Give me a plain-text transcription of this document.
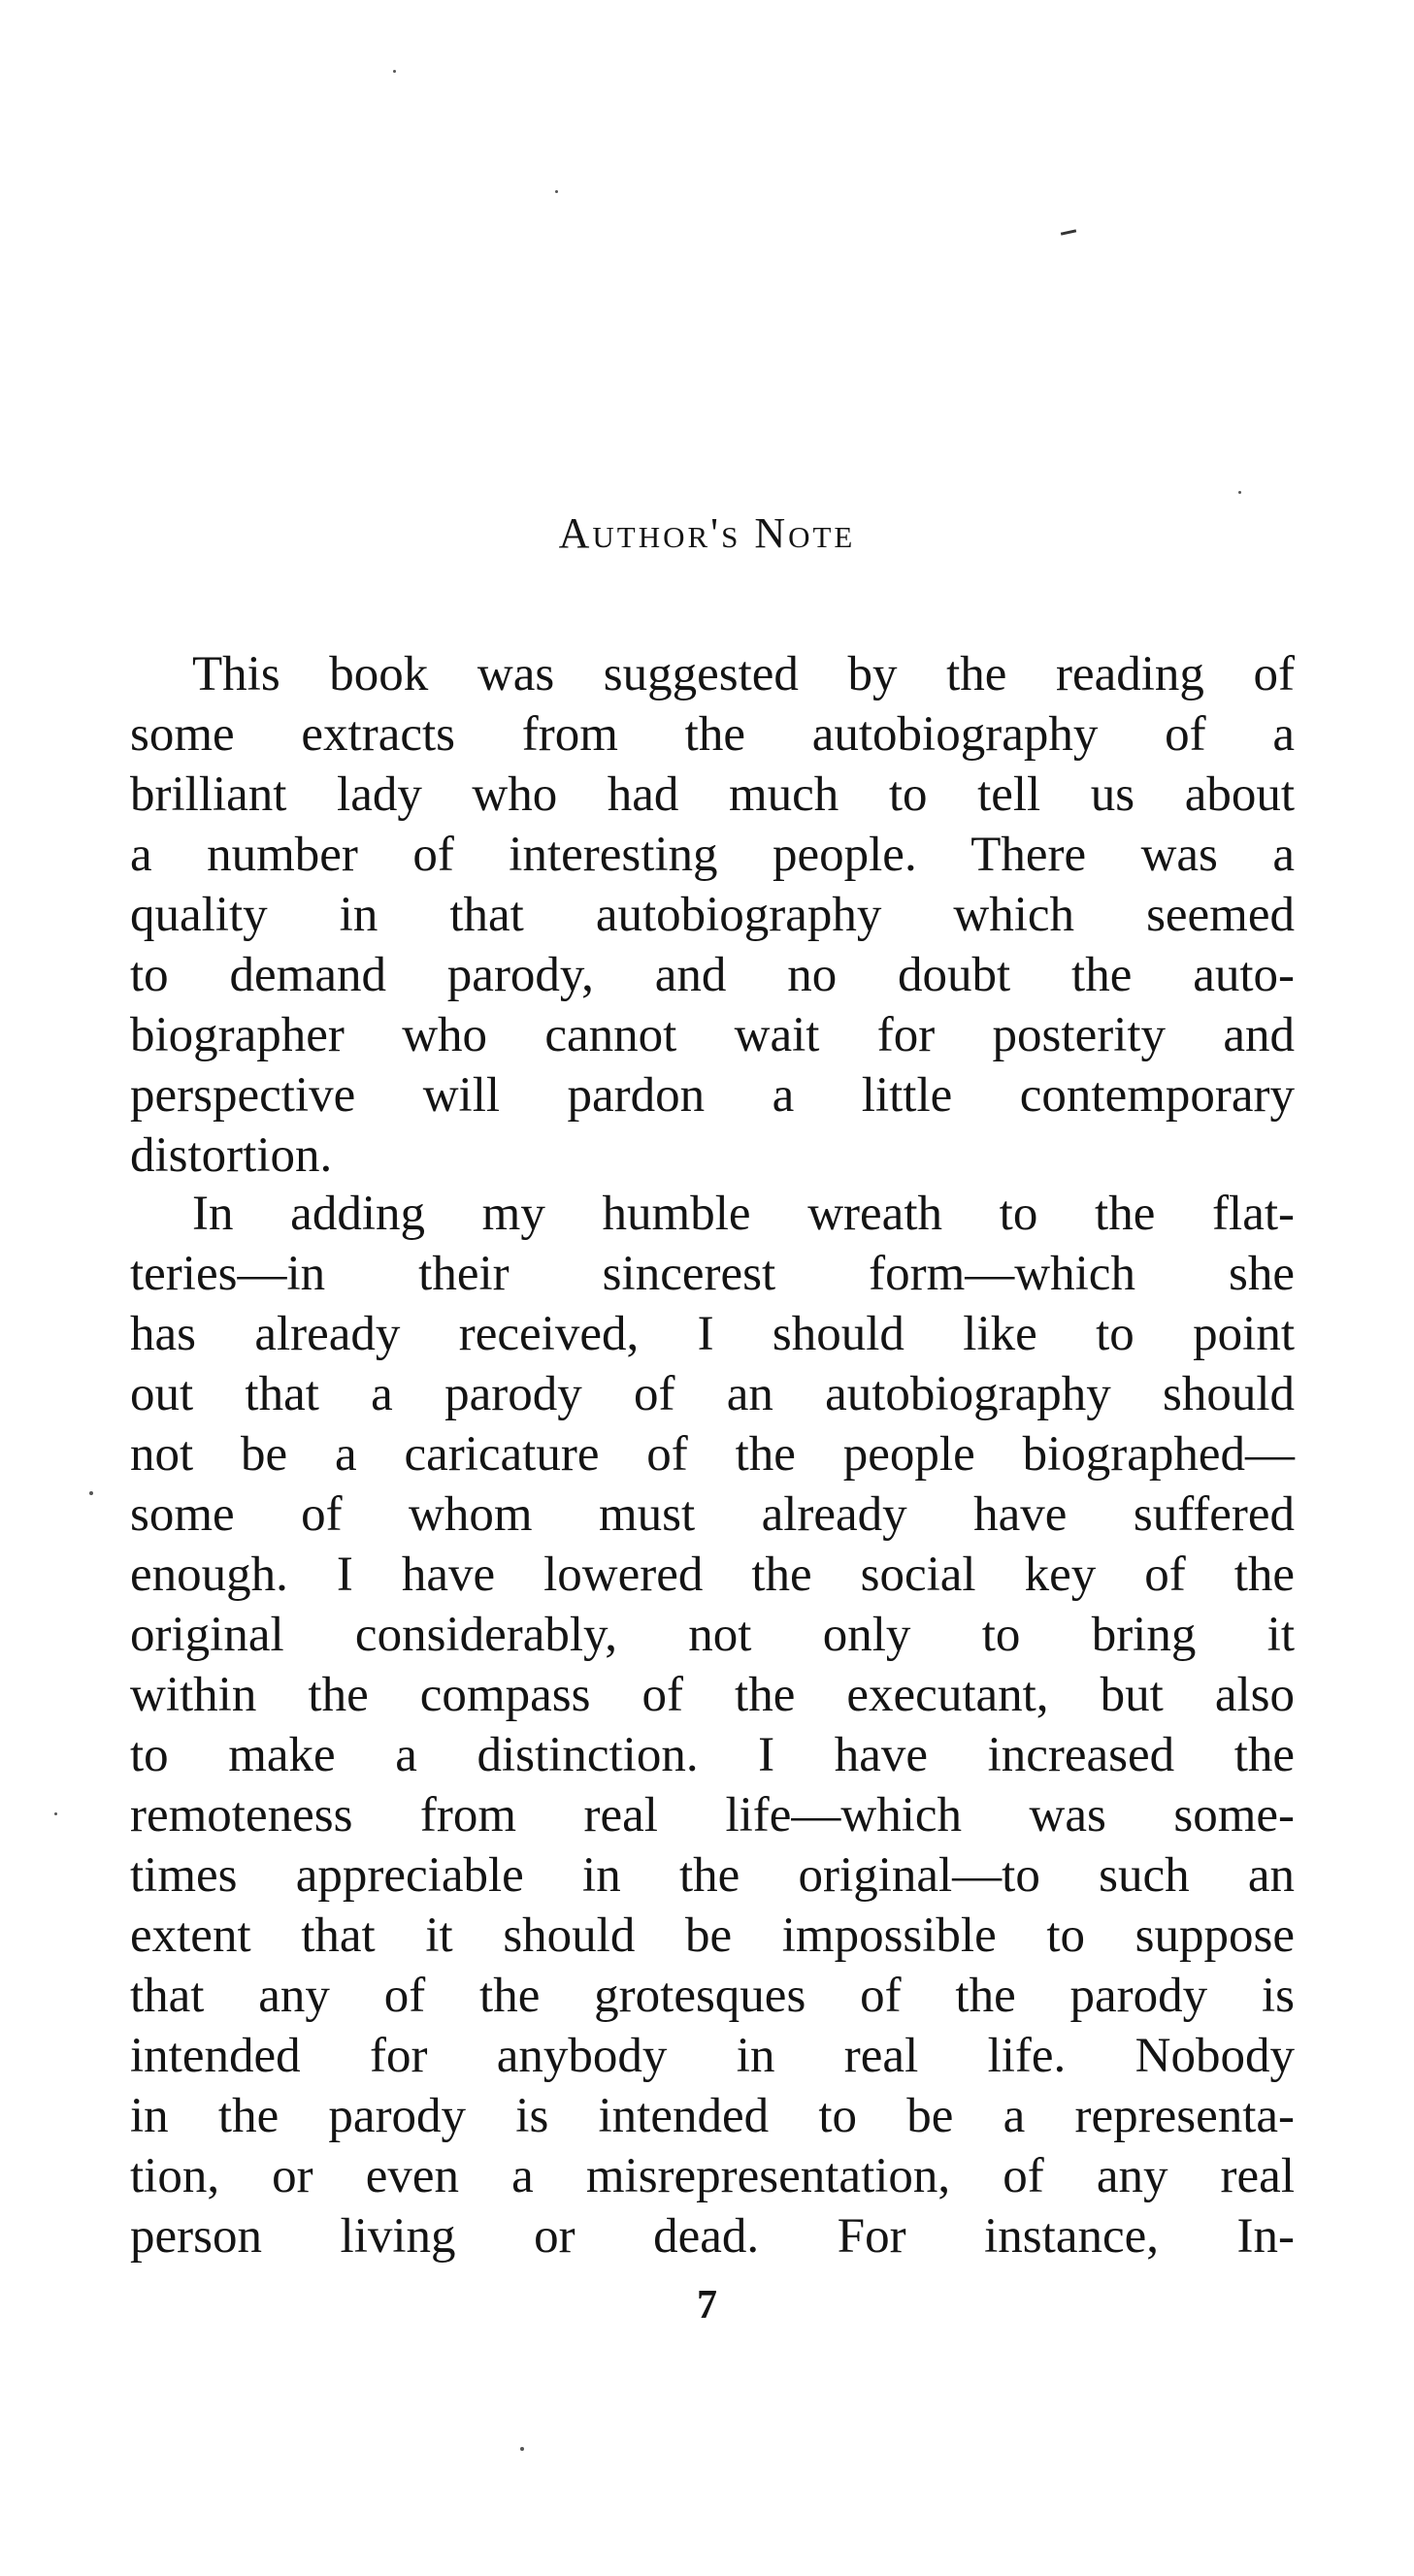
Author's Note
This book was suggested by the reading of
some extracts from the autobiography of a
brilliant lady who had much to tell us about
a number of interesting people. There was a
quality in that autobiography which seemed
to demand parody, and no doubt the auto-
biographer who cannot wait for posterity and
perspective will pardon a little contemporary
distortion.
In adding my humble wreath to the flat-
teries—in their sincerest form—which she
has already received, I should like to point
out that a parody of an autobiography should
not be a caricature of the people biographed—
some of whom must already have suffered
enough. I have lowered the social key of the
original considerably, not only to bring it
within the compass of the executant, but also
to make a distinction. I have increased the
remoteness from real life—which was some-
times appreciable in the original—to such an
extent that it should be impossible to suppose
that any of the grotesques of the parody is
intended for anybody in real life. Nobody
in the parody is intended to be a representa-
tion, or even a misrepresentation, of any real
person living or dead. For instance, In-
7
